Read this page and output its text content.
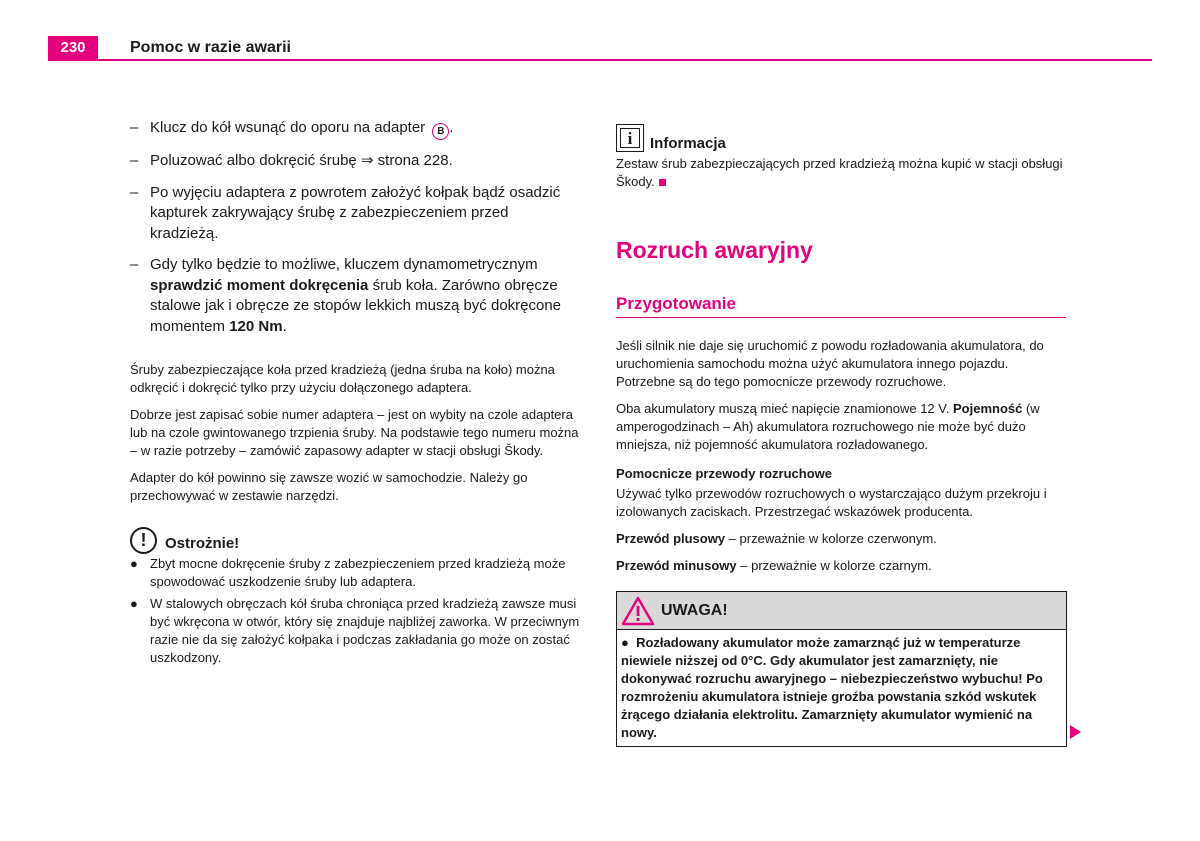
230	Pomoc w razie awarii
– Klucz do kół wsunąć do oporu na adapter B .
– Poluzować albo dokręcić śrubę ⇒ strona 228.
– Po wyjęciu adaptera z powrotem założyć kołpak bądź osadzić kapturek zakrywający śrubę z zabezpieczeniem przed kradzieżą.
– Gdy tylko będzie to możliwe, kluczem dynamometrycznym sprawdzić moment dokręcenia śrub koła. Zarówno obręcze stalowe jak i obręcze ze stopów lekkich muszą być dokręcone momentem 120 Nm.

Śruby zabezpieczające koła przed kradzieżą (jedna śruba na koło) można odkręcić i dokręcić tylko przy użyciu dołączonego adaptera.

Dobrze jest zapisać sobie numer adaptera – jest on wybity na czole adaptera lub na czole gwintowanego trzpienia śruby. Na podstawie tego numeru można – w razie potrzeby – zamówić zapasowy adapter w stacji obsługi Škody.

Adapter do kół powinno się zawsze wozić w samochodzie. Należy go przechowywać w zestawie narzędzi.

!	Ostrożnie!
● Zbyt mocne dokręcenie śruby z zabezpieczeniem przed kradzieżą może spowodować uszkodzenie śruby lub adaptera.
● W stalowych obręczach kół śruba chroniąca przed kradzieżą zawsze musi być wkręcona w otwór, który się znajduje najbliżej zaworka. W przeciwnym razie nie da się założyć kołpaka i podczas zakładania go może on zostać uszkodzony.
i	Informacja
Zestaw śrub zabezpieczających przed kradzieżą można kupić w stacji obsługi Škody.
Rozruch awaryjny
Przygotowanie

Jeśli silnik nie daje się uruchomić z powodu rozładowania akumulatora, do uruchomienia samochodu można użyć akumulatora innego pojazdu. Potrzebne są do tego pomocnicze przewody rozruchowe.

Oba akumulatory muszą mieć napięcie znamionowe 12 V. Pojemność (w amperogodzinach – Ah) akumulatora rozruchowego nie może być dużo mniejsza, niż pojemność akumulatora rozładowanego.

Pomocnicze przewody rozruchowe

Używać tylko przewodów rozruchowych o wystarczająco dużym przekroju i izolowanych zaciskach. Przestrzegać wskazówek producenta.

Przewód plusowy – przeważnie w kolorze czerwonym.

Przewód minusowy – przeważnie w kolorze czarnym.

UWAGA!
●  Rozładowany akumulator może zamarznąć już w temperaturze niewiele niższej od 0°C. Gdy akumulator jest zamarznięty, nie dokonywać rozruchu awaryjnego – niebezpieczeństwo wybuchu! Po rozmrożeniu akumulatora istnieje groźba powstania szkód wskutek żrącego działania elektrolitu. Zamarznięty akumulator wymienić na nowy.
